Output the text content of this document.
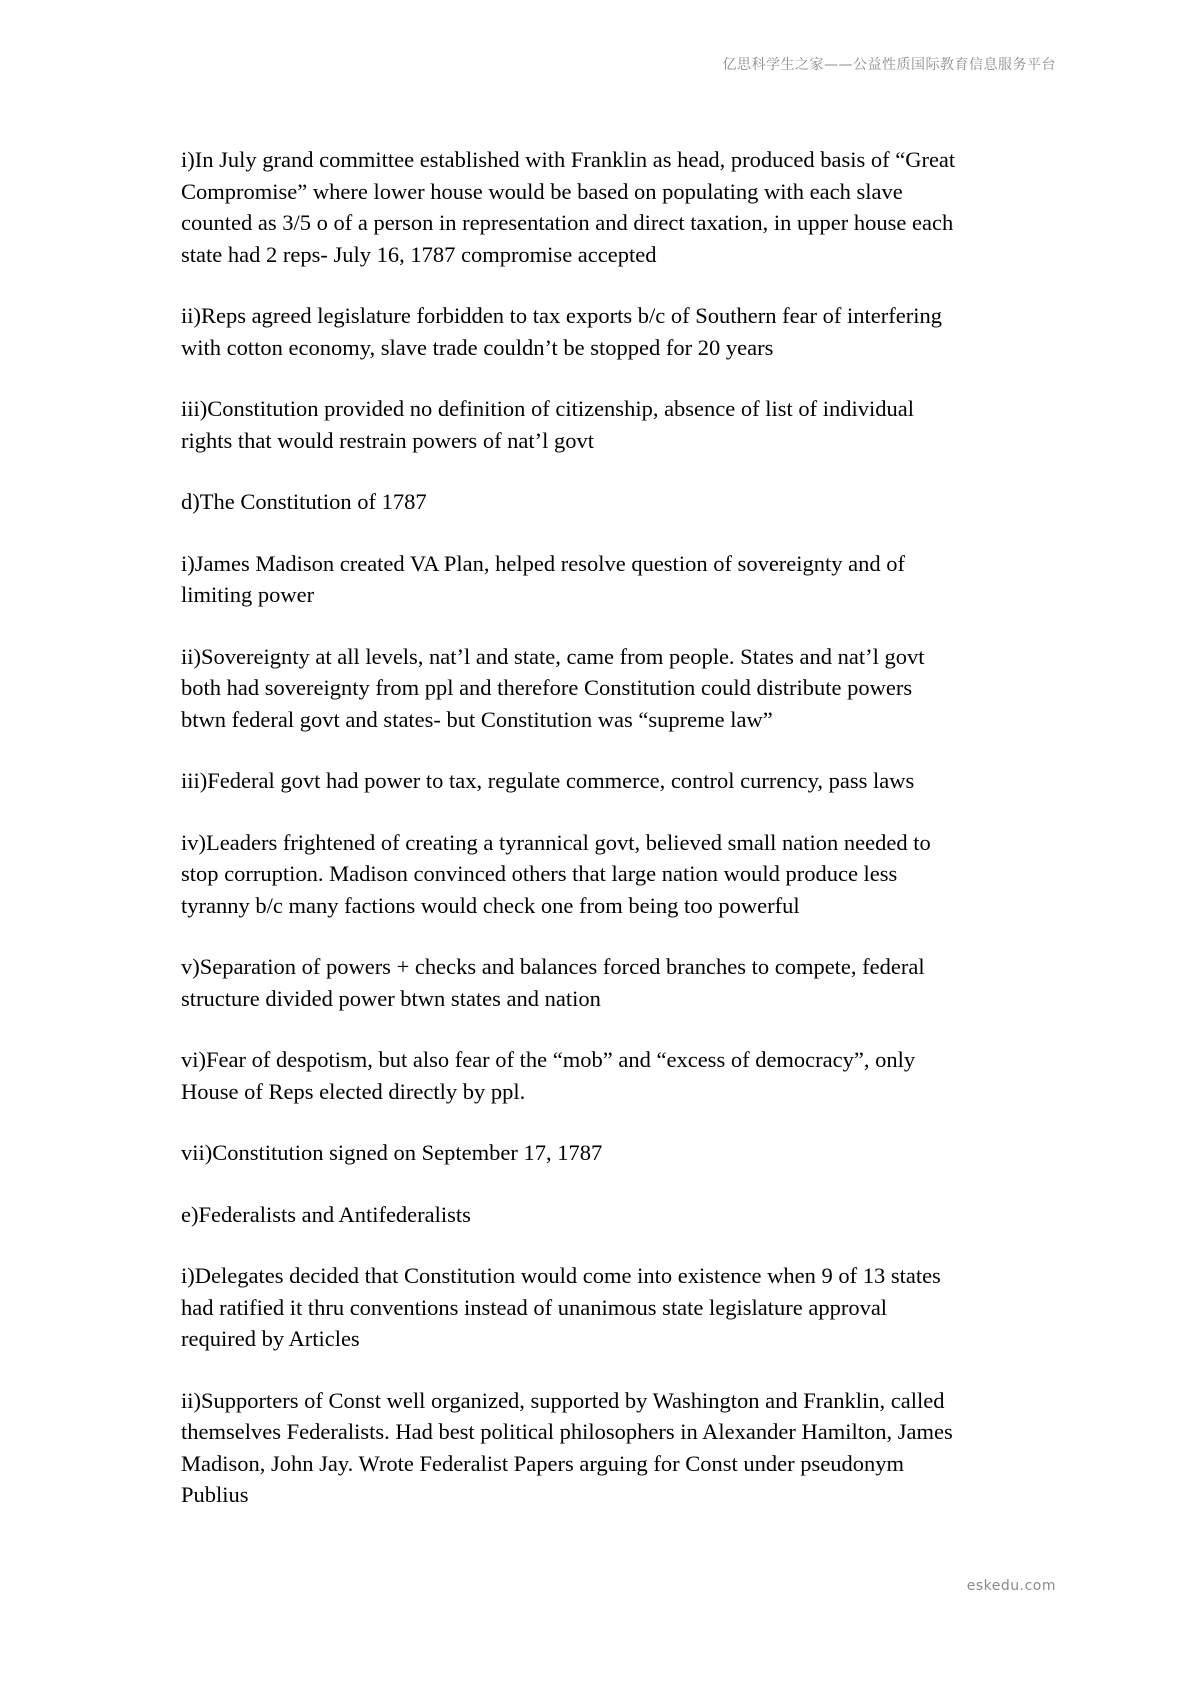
亿思科学生之家——公益性质国际教育信息服务平台

i)In July grand committee established with Franklin as head, produced basis of “Great
Compromise” where lower house would be based on populating with each slave
counted as 3/5 o of a person in representation and direct taxation, in upper house each
state had 2 reps- July 16, 1787 compromise accepted

ii)Reps agreed legislature forbidden to tax exports b/c of Southern fear of interfering
with cotton economy, slave trade couldn’t be stopped for 20 years

iii)Constitution provided no definition of citizenship, absence of list of individual
rights that would restrain powers of nat’l govt

d)The Constitution of 1787

i)James Madison created VA Plan, helped resolve question of sovereignty and of
limiting power

ii)Sovereignty at all levels, nat’l and state, came from people. States and nat’l govt
both had sovereignty from ppl and therefore Constitution could distribute powers
btwn federal govt and states- but Constitution was “supreme law”

iii)Federal govt had power to tax, regulate commerce, control currency, pass laws

iv)Leaders frightened of creating a tyrannical govt, believed small nation needed to
stop corruption. Madison convinced others that large nation would produce less
tyranny b/c many factions would check one from being too powerful

v)Separation of powers + checks and balances forced branches to compete, federal
structure divided power btwn states and nation

vi)Fear of despotism, but also fear of the “mob” and “excess of democracy”, only
House of Reps elected directly by ppl.

vii)Constitution signed on September 17, 1787

e)Federalists and Antifederalists

i)Delegates decided that Constitution would come into existence when 9 of 13 states
had ratified it thru conventions instead of unanimous state legislature approval
required by Articles

ii)Supporters of Const well organized, supported by Washington and Franklin, called
themselves Federalists. Had best political philosophers in Alexander Hamilton, James
Madison, John Jay. Wrote Federalist Papers arguing for Const under pseudonym
Publius

eskedu.com
